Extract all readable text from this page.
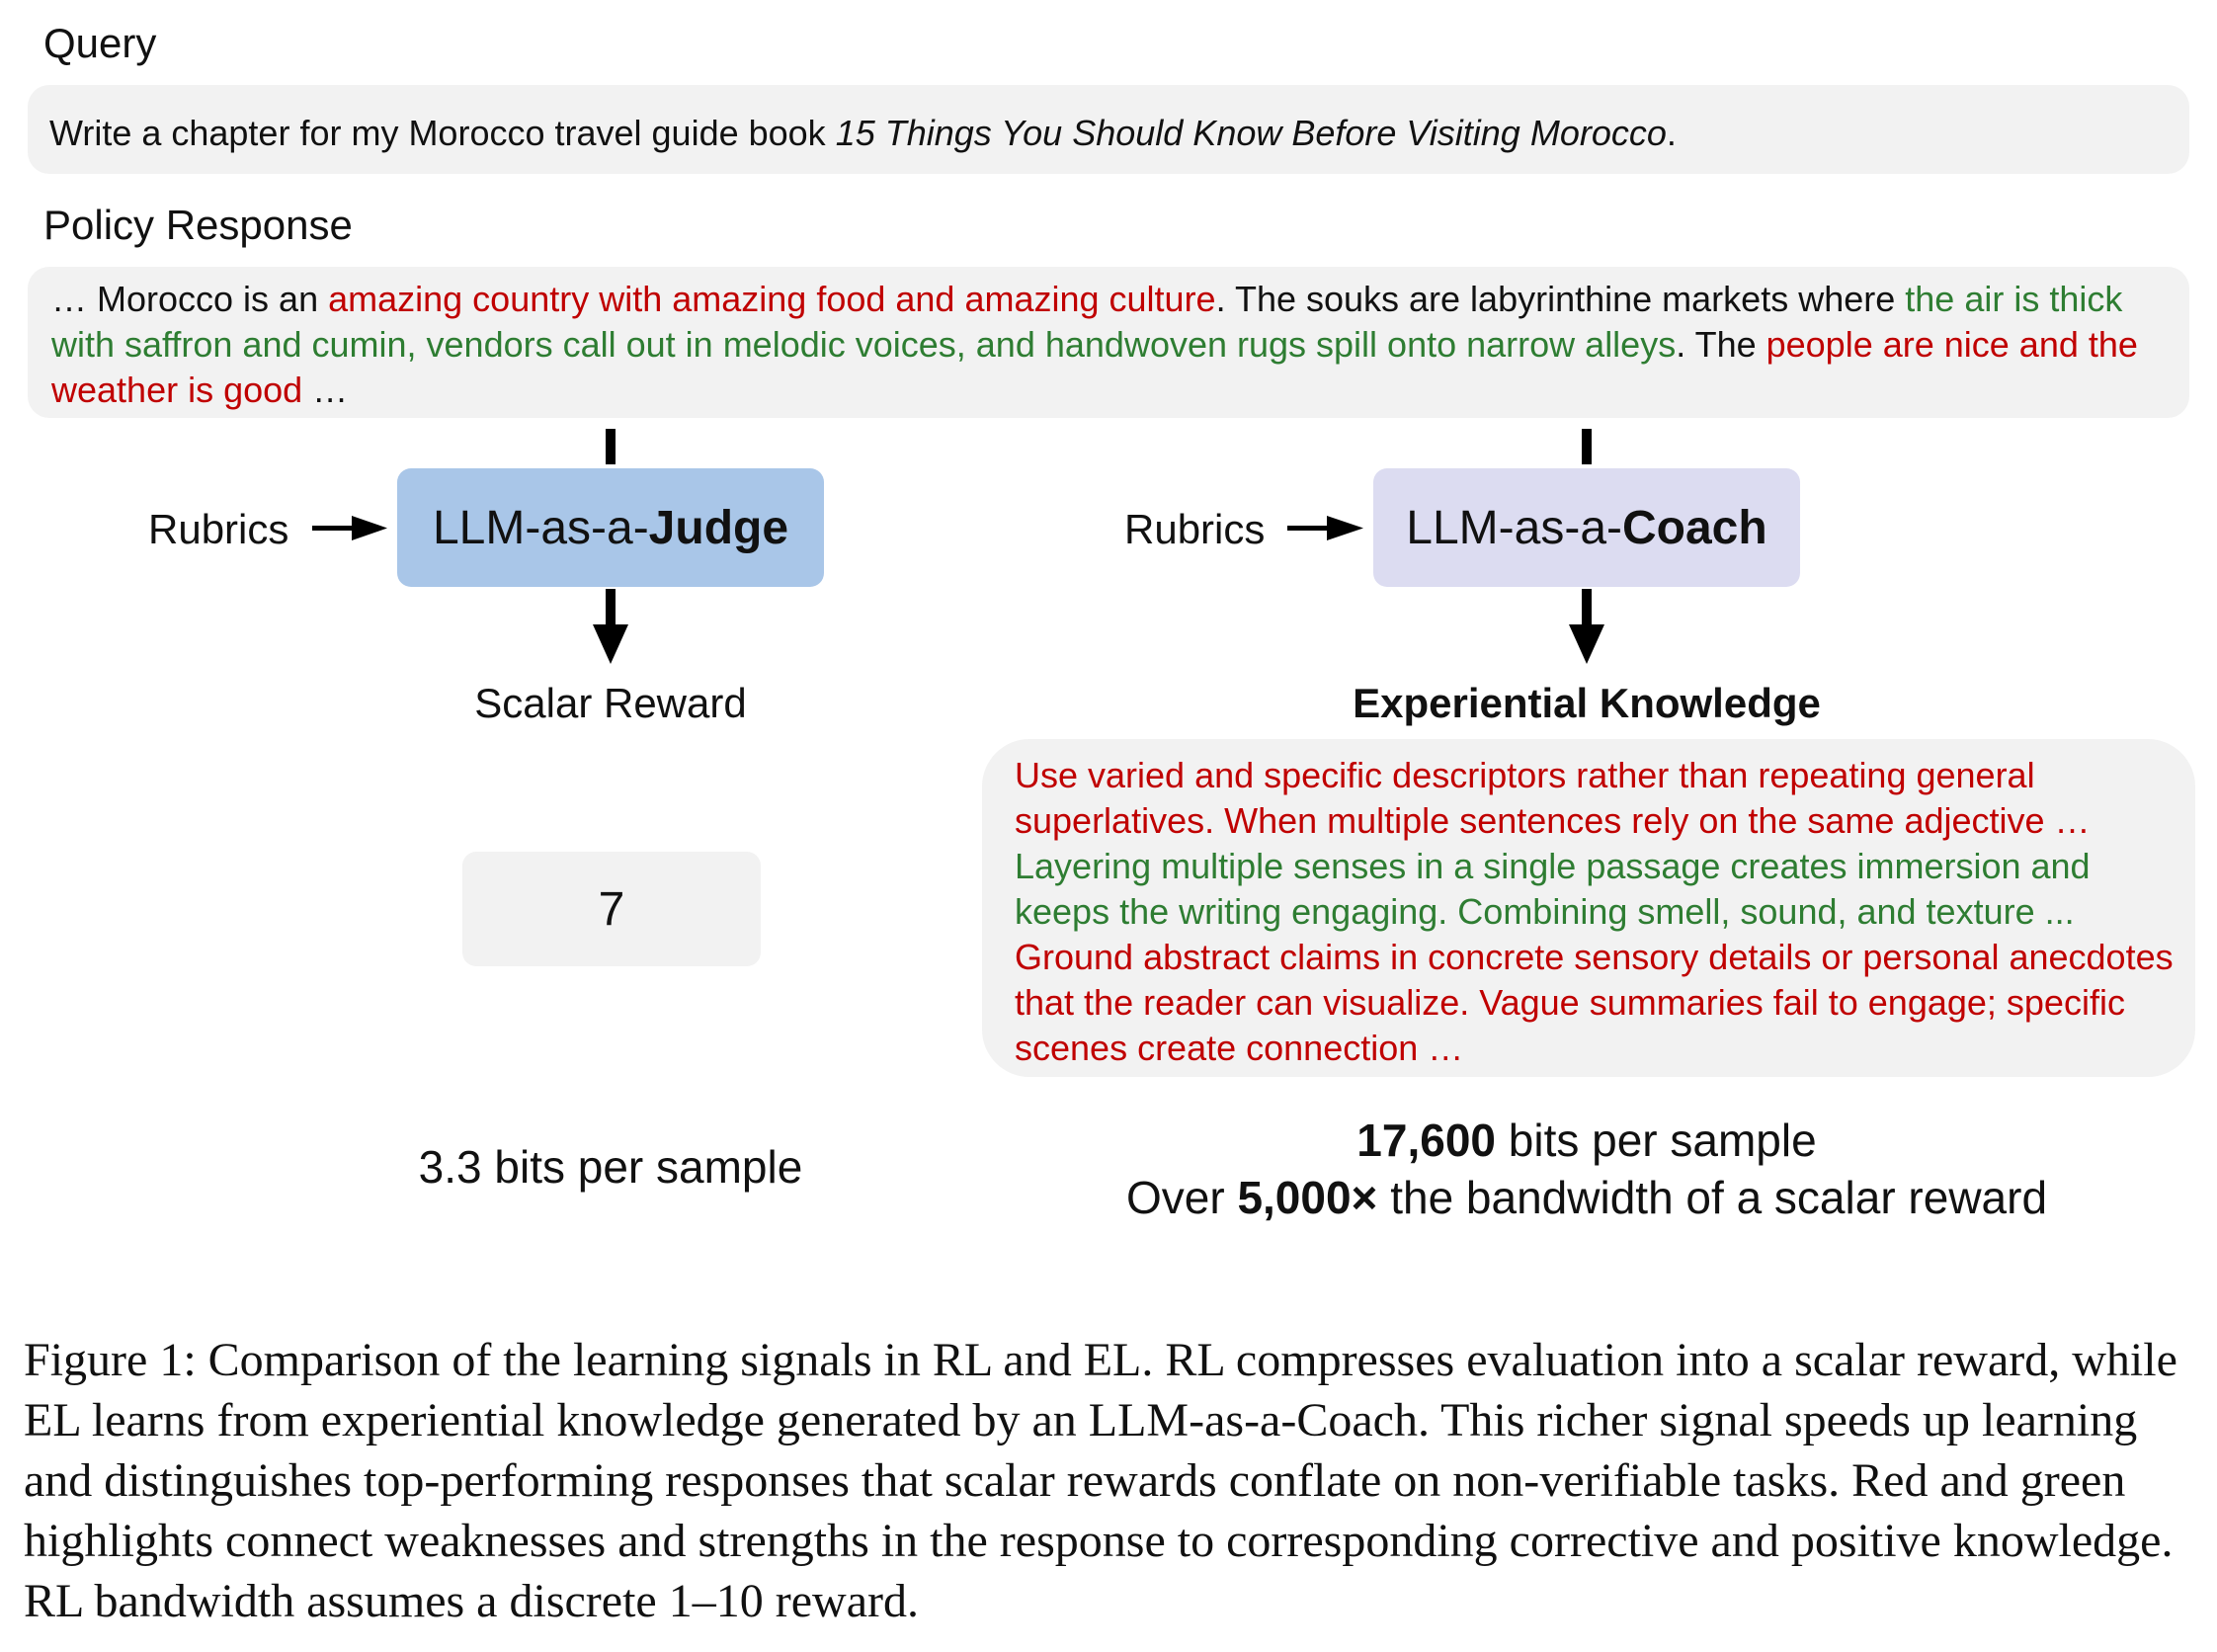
Query
Write a chapter for my Morocco travel guide book 15 Things You Should Know Before Visiting Morocco.
Policy Response
… Morocco is an amazing country with amazing food and amazing culture. The souks are labyrinthine markets where the air is thick with saffron and cumin, vendors call out in melodic voices, and handwoven rugs spill onto narrow alleys. The people are nice and the weather is good …
Rubrics	LLM-as-a- Judge
Scalar Reward
7
3.3 bits per sample
Rubrics	LLM-as-a- Coach
Experiential Knowledge
Use varied and specific descriptors rather than repeating general superlatives. When multiple sentences rely on the same adjective …
Layering multiple senses in a single passage creates immersion and keeps the writing engaging. Combining smell, sound, and texture ...
Ground abstract claims in concrete sensory details or personal anecdotes that the reader can visualize. Vague summaries fail to engage; specific scenes create connection …
17,600 bits per sample
Over 5,000× the bandwidth of a scalar reward
Figure 1: Comparison of the learning signals in RL and EL. RL compresses evaluation into a scalar reward, while EL learns from experiential knowledge generated by an LLM-as-a-Coach. This richer signal speeds up learning and distinguishes top-performing responses that scalar rewards conflate on non-verifiable tasks. Red and green highlights connect weaknesses and strengths in the response to corresponding corrective and positive knowledge. RL bandwidth assumes a discrete 1–10 reward.
